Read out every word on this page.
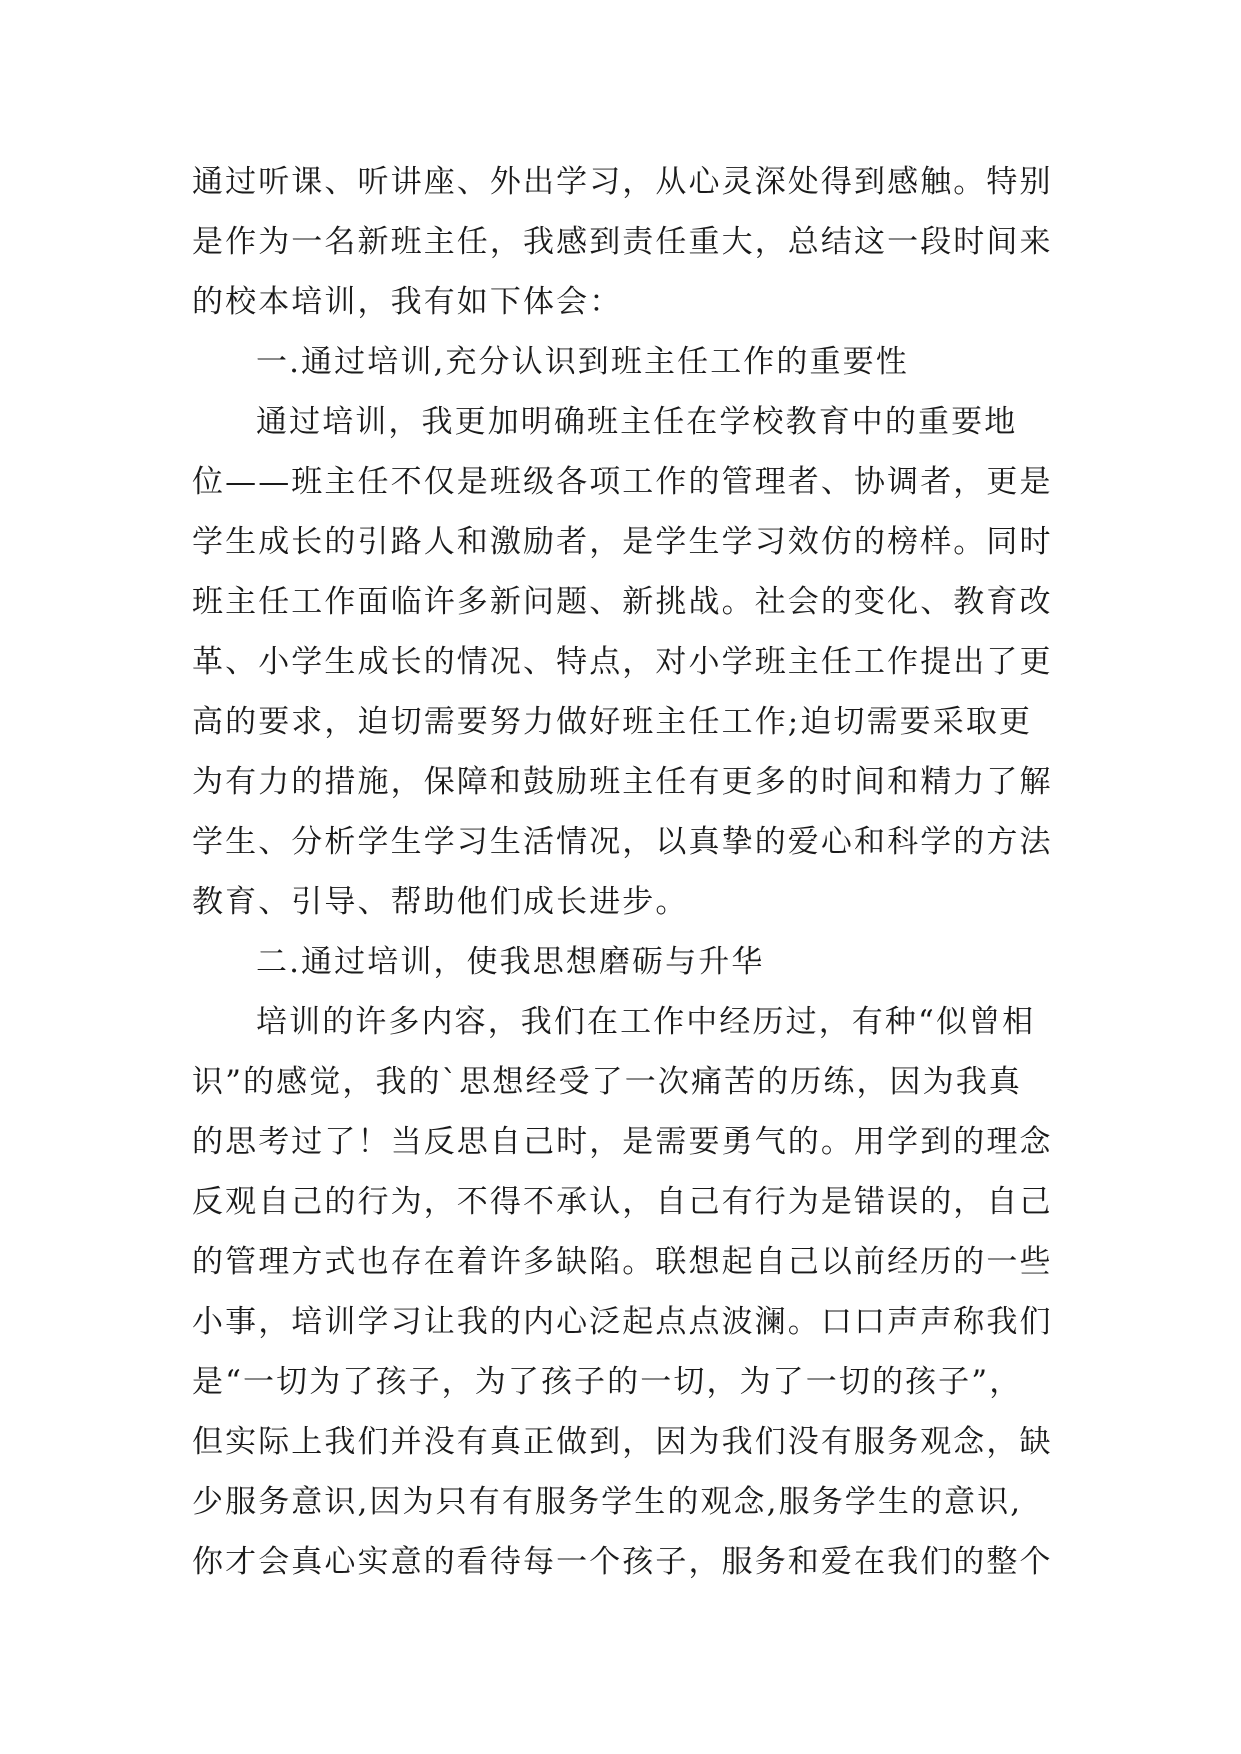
通过听课、听讲座、外出学习，从心灵深处得到感触。特别
是作为一名新班主任，我感到责任重大，总结这一段时间来
的校本培训，我有如下体会：
一.通过培训,充分认识到班主任工作的重要性
通过培训，我更加明确班主任在学校教育中的重要地
位——班主任不仅是班级各项工作的管理者、协调者，更是
学生成长的引路人和激励者，是学生学习效仿的榜样。同时
班主任工作面临许多新问题、新挑战。社会的变化、教育改
革、小学生成长的情况、特点，对小学班主任工作提出了更
高的要求，迫切需要努力做好班主任工作;迫切需要采取更
为有力的措施，保障和鼓励班主任有更多的时间和精力了解
学生、分析学生学习生活情况，以真挚的爱心和科学的方法
教育、引导、帮助他们成长进步。
二.通过培训，使我思想磨砺与升华
培训的许多内容，我们在工作中经历过，有种“似曾相
识”的感觉，我的`思想经受了一次痛苦的历练，因为我真
的思考过了！当反思自己时，是需要勇气的。用学到的理念
反观自己的行为，不得不承认，自己有行为是错误的，自己
的管理方式也存在着许多缺陷。联想起自己以前经历的一些
小事，培训学习让我的内心泛起点点波澜。口口声声称我们
是“一切为了孩子，为了孩子的一切，为了一切的孩子”，
但实际上我们并没有真正做到，因为我们没有服务观念，缺
少服务意识,因为只有有服务学生的观念,服务学生的意识,
你才会真心实意的看待每一个孩子，服务和爱在我们的整个
